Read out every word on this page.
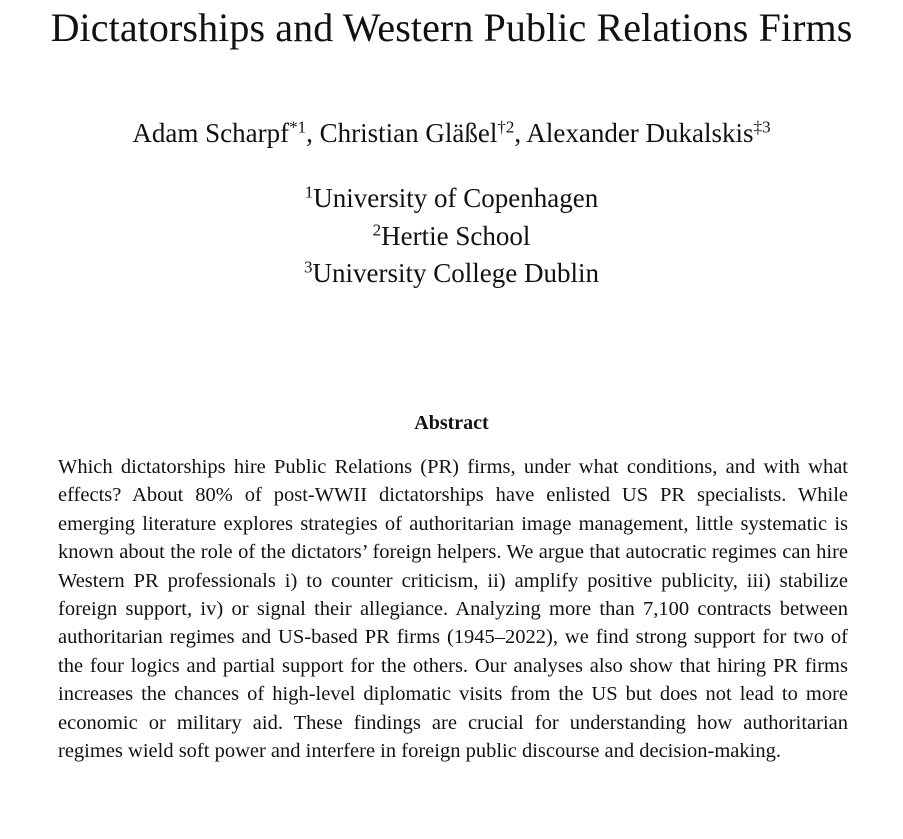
Dictatorships and Western Public Relations Firms
Adam Scharpf$^{*1}$, Christian Gläßel$^{\dagger 2}$, Alexander Dukalskis$^{\ddagger 3}$
$^1$University of Copenhagen
$^2$Hertie School
$^3$University College Dublin
Abstract

Which dictatorships hire Public Relations (PR) firms, under what conditions, and with what effects? About 80% of post-WWII dictatorships have enlisted US PR specialists. While emerging literature explores strategies of authoritarian image management, little systematic is known about the role of the dictators’ foreign helpers. We argue that autocratic regimes can hire Western PR professionals i) to counter criticism, ii) amplify positive publicity, iii) stabilize foreign support, iv) or signal their allegiance. Analyzing more than 7,100 contracts between authoritarian regimes and US-based PR firms (1945–2022), we find strong support for two of the four logics and partial support for the others. Our analyses also show that hiring PR firms increases the chances of high-level diplomatic visits from the US but does not lead to more economic or military aid. These findings are crucial for understanding how authoritarian regimes wield soft power and interfere in foreign public discourse and decision-making.
